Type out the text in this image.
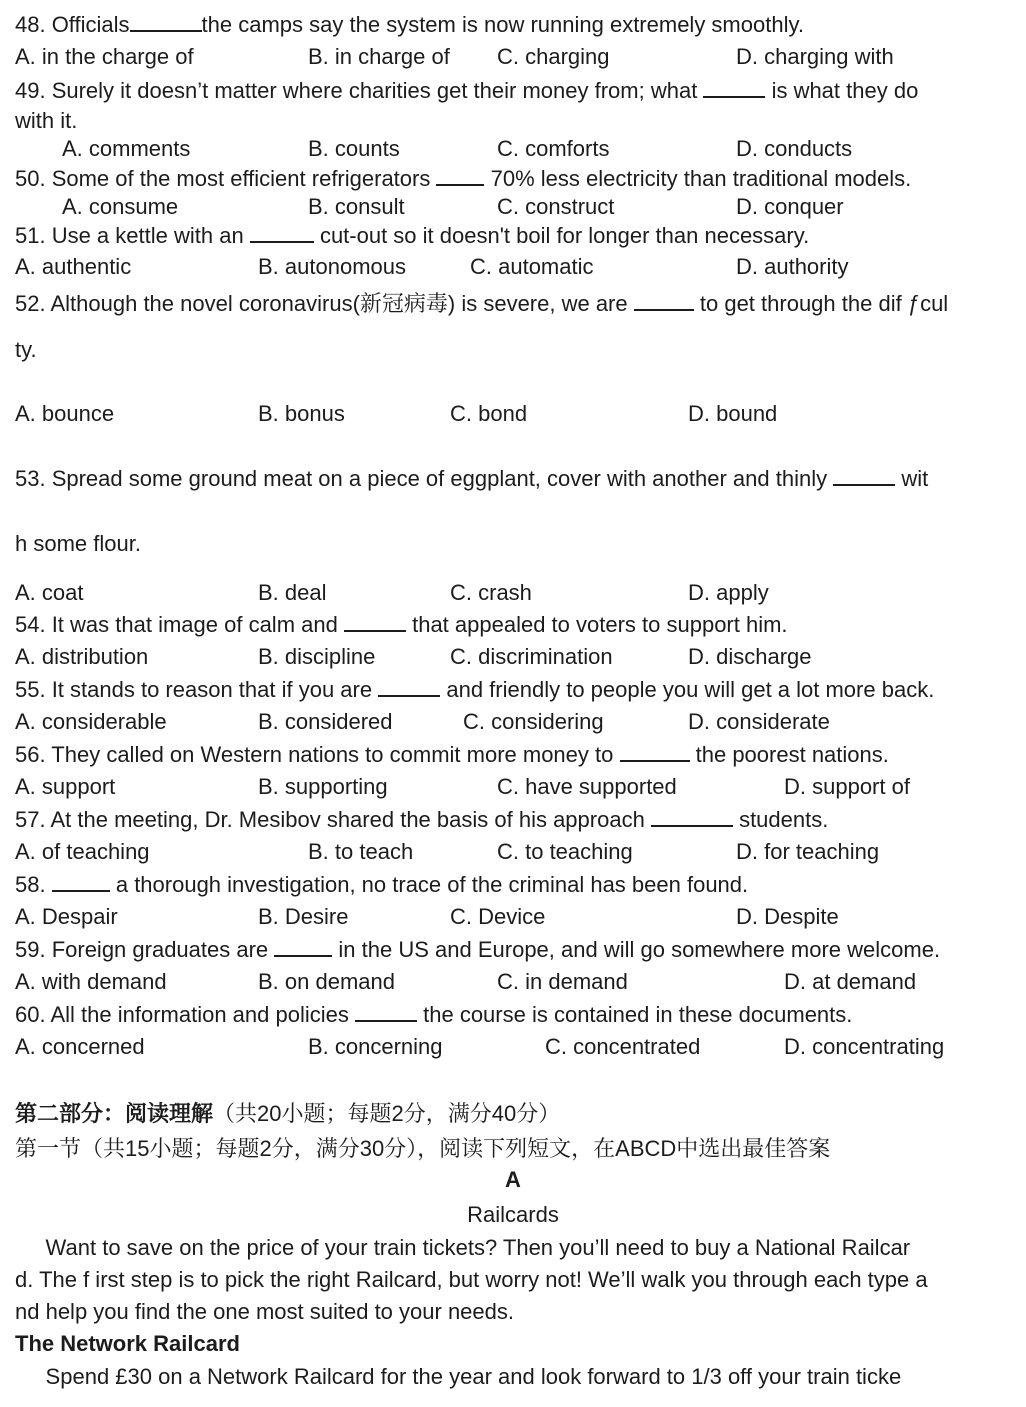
48. Officials	the camps say the system is now running extremely smoothly.
A. in the charge of	B. in charge of C. charging	D. charging with
49. Surely it doesn’t matter where charities get their money from; what	is what they do
with it.
A. comments	B. counts	C. comforts	D. conducts
50. Some of the most efficient refrigerators	70% less electricity than traditional models.
A. consume	B. consult	C. construct	D. conquer
51. Use a kettle with an	cut-out so it doesn't boil for longer than necessary.
A. authentic	B. autonomous	C. automatic	D. authority
52. Although the novel coronavirus(新冠病毒) is severe, we are	to get through the dif ƒcul
ty.
A. bounce	B. bonus	C. bond	D. bound
53. Spread some ground meat on a piece of eggplant, cover with another and thinly	wit
h some flour.
A. coat	B. deal	C. crash	D. apply
54. It was that image of calm and	that appealed to voters to support him.
A. distribution	B. discipline	C. discrimination	D. discharge
55. It stands to reason that if you are	and friendly to people you will get a lot more back.
A. considerable	B. considered	C. considering	D. considerate
56. They called on Western nations to commit more money to	the poorest nations.
A. support	B. supporting	C. have supported	D. support of
57. At the meeting, Dr. Mesibov shared the basis of his approach	students.
A. of teaching	B. to teach	C. to teaching	D. for teaching
58.	a thorough investigation, no trace of the criminal has been found.
A. Despair	B. Desire	C. Device	D. Despite
59. Foreign graduates are	in the US and Europe, and will go somewhere more welcome.
A. with demand	B. on demand	C. in demand	D. at demand
60. All the information and policies	the course is contained in these documents.
A. concerned	B. concerning	C. concentrated	D. concentrating
第二部分：阅读理解（共20小题；每题2分，满分40分）
第一节（共15小题；每题2分，满分30分），阅读下列短文，在ABCD中选出最佳答案
A
Railcards
Want to save on the price of your train tickets? Then you’ll need to buy a National Railcar
d. The f irst step is to pick the right Railcard, but worry not! We’ll walk you through each type a
nd help you find the one most suited to your needs.
The Network Railcard
Spend £30 on a Network Railcard for the year and look forward to 1/3 off your train ticke
